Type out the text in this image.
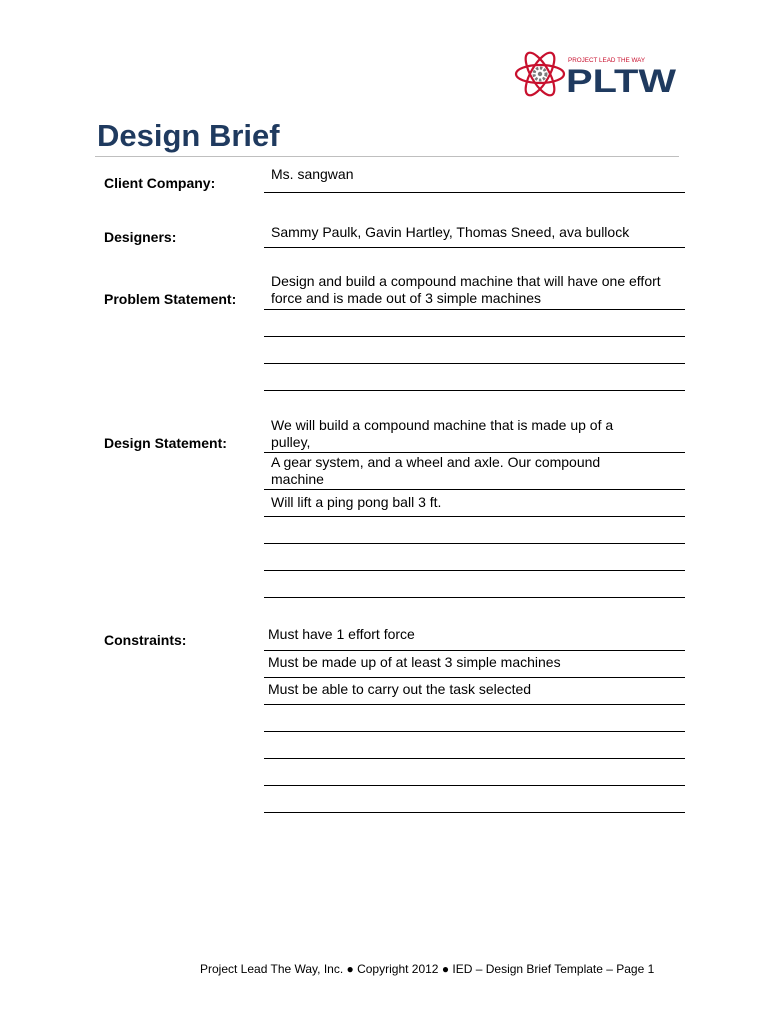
PROJECT LEAD THE WAY
PLTW
Design Brief
Client Company:
Ms. sangwan
Designers:	Sammy Paulk, Gavin Hartley, Thomas Sneed, ava bullock
Problem Statement:
Design and build a compound machine that will have one effort force and is made out of 3 simple machines
Design Statement:
We will build a compound machine that is made up of a pulley,
A gear system, and a wheel and axle. Our compound machine
Will lift a ping pong ball 3 ft.
Constraints:	Must have 1 effort force
Must be made up of at least 3 simple machines
Must be able to carry out the task selected
Project Lead The Way, Inc. ● Copyright 2012 ● IED – Design Brief Template – Page 1
